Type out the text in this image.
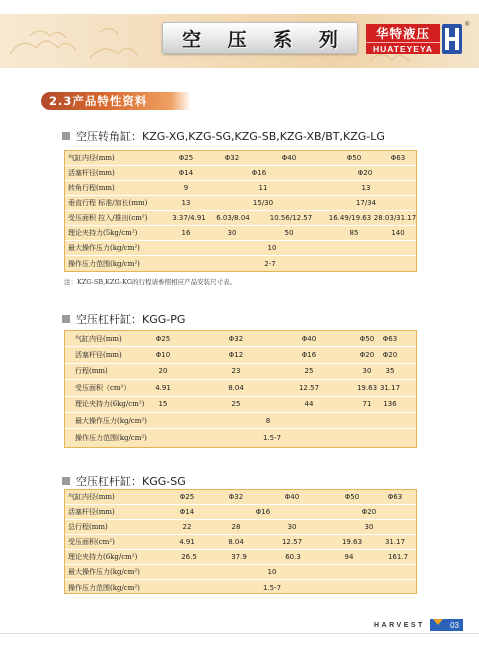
空 压 系 列	华特液压
HUATEYEYA
®
2.3产品特性资料
空压转角缸：KZG-XG,KZG-SG,KZG-SB,KZG-XB/BT,KZG-LG
气缸内径(mm)	Φ25	Φ32	Φ40	Φ50	Φ63
活塞杆径(mm)	Φ14	Φ16	Φ20
转角行程(mm)	9	11	13
垂直行程 标准/加长(mm)	13	15/30	17/34
受压面积 拉入/推出(cm²)	3.37/4.91 6.03/8.04	10.56/12.57 16.49/19.63 28.03/31.17
理论夹持力(5kg/cm²)	16	30	50	85	140
最大操作压力(kg/cm²)	10
操作压力范围(kg/cm²)	2-7
注：KZG-SB,KZG-KG的行程请参照相应产品安装尺寸表。
空压杠杆缸：KGG-PG
气缸内径(mm)	Φ25	Φ32	Φ40	Φ50 Φ63
活塞杆径(mm)	Φ10	Φ12	Φ16	Φ20 Φ20
行程(mm)	20	23	25	30 35
受压面积（cm²）	4.91	8.04	12.57	19.63 31.17
理论夹持力(6kg/cm²) 15	25	44	71 136
最大操作压力(kg/cm²)	8
操作压力范围(kg/cm²)	1.5-7
空压杠杆缸：KGG-SG
气缸内径(mm)	Φ25	Φ32	Φ40	Φ50	Φ63
活塞杆径(mm)	Φ14	Φ16	Φ20
总行程(mm)	22	28	30	30
受压面积(cm²)	4.91	8.04	12.57	19.63	31.17
理论夹持力(6kg/cm²)	26.5	37.9	60.3	94	161.7
最大操作压力(kg/cm²)	10
操作压力范围(kg/cm²)	1.5-7
HARVEST	03
